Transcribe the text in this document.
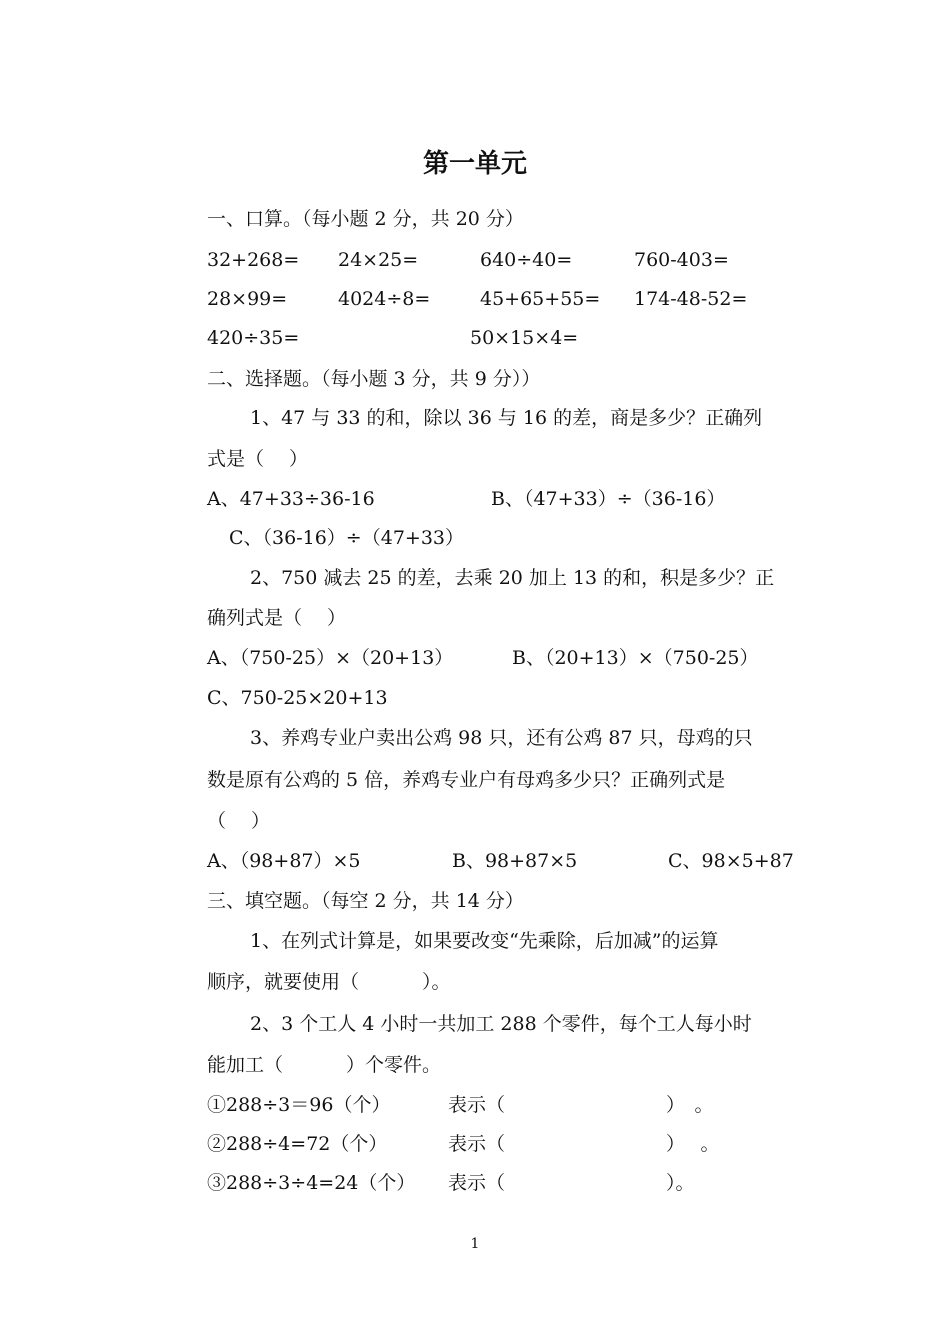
第一单元
一、口算。（每小题 2 分，共 20 分）
32+268= 24×25=	640÷40=	760-403=
28×99=	4024÷8=	45+65+55= 174-48-52=
420÷35=	50×15×4=
二、选择题。（每小题 3 分，共 9 分））
1、47 与 33 的和，除以 36 与 16 的差，商是多少？正确列
式是（　 ）
A、47+33÷36-16	B、（47+33）÷（36-16）
C、（36-16）÷（47+33）
2、750 减去 25 的差，去乘 20 加上 13 的和，积是多少？正
确列式是（　 ）
A、（750-25）×（20+13）	B、（20+13）×（750-25）
C、750-25×20+13
3、养鸡专业户卖出公鸡 98 只，还有公鸡 87 只，母鸡的只
数是原有公鸡的 5 倍，养鸡专业户有母鸡多少只？正确列式是
（　 ）
A、（98+87）×5	B、98+87×5	C、98×5+87
三、填空题。（每空 2 分，共 14 分）
1、在列式计算是，如果要改变“先乘除，后加减”的运算
顺序，就要使用（　　　 ）。
2、3 个工人 4 小时一共加工 288 个零件，每个工人每小时
能加工（　　　 ）个零件。
①288÷3＝96（个）	表示（	）　。
②288÷4=72（个）	表示（	）　 。
③288÷3÷4=24（个） 表示（	）。
1
